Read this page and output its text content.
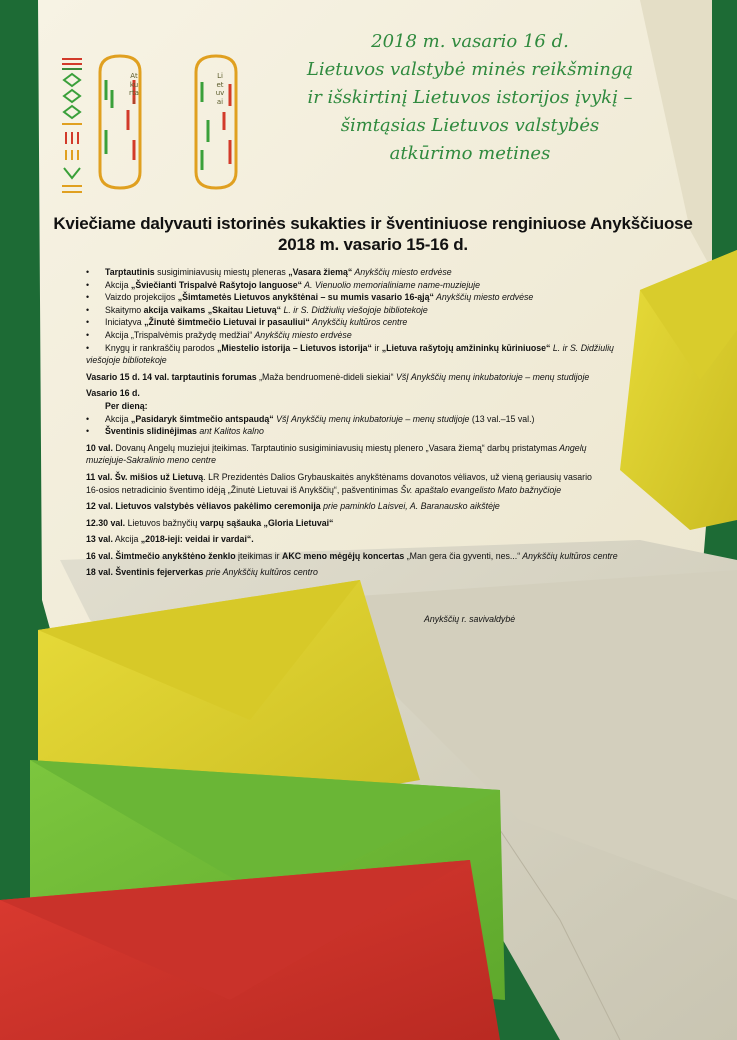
Atkurtai
Lietuvai
2018 m. vasario 16 d.
Lietuvos valstybė minės reikšmingą
ir išskirtinį Lietuvos istorijos įvykį –
šimtąsias Lietuvos valstybės
atkūrimo metines
Kviečiame dalyvauti istorinės sukakties ir šventiniuose renginiuose Anykščiuose
2018 m. vasario 15-16 d.
• Tarptautinis susigiminiavusių miestų pleneras „Vasara žiemą“ Anykščių miesto erdvėse
• Akcija „Šviečianti Trispalvė Rašytojo languose“ A. Vienuolio memorialiniame name-muziejuje
• Vaizdo projekcijos „Šimtametės Lietuvos anykštėnai – su mumis vasario 16-ąją“ Anykščių miesto erdvėse
• Skaitymo akcija vaikams „Skaitau Lietuvą“ L. ir S. Didžiulių viešojoje bibliotekoje
• Iniciatyva „Žinutė šimtmečio Lietuvai ir pasauliui“ Anykščių kultūros centre
• Akcija „Trispalvėmis pražydę medžiai“ Anykščių miesto erdvėse
• Knygų ir rankraščių parodos „Miestelio istorija – Lietuvos istorija“ ir „Lietuva rašytojų amžininkų kūriniuose“ L. ir S. Didžiulių
viešojoje bibliotekoje
Vasario 15 d. 14 val. tarptautinis forumas „Maža bendruomenė-dideli siekiai“ VšĮ Anykščių menų inkubatoriuje – menų studijoje
Vasario 16 d.
Per dieną:
• Akcija „Pasidaryk šimtmečio antspaudą“ VšĮ Anykščių menų inkubatoriuje – menų studijoje (13 val.–15 val.)
• Šventinis slidinėjimas ant Kalitos kalno
10 val. Dovanų Angelų muziejui įteikimas. Tarptautinio susigiminiavusių miestų plenero „Vasara žiemą“ darbų pristatymas Angelų
muziejuje-Sakralinio meno centre
11 val. Šv. mišios už Lietuvą. LR Prezidentės Dalios Grybauskaitės anykštėnams dovanotos vėliavos, už vieną geriausių vasario
16-osios netradicinio šventimo idėją „Žinutė Lietuvai iš Anykščių“, pašventinimas Šv. apaštalo evangelisto Mato bažnyčioje
12 val. Lietuvos valstybės vėliavos pakėlimo ceremonija prie paminklo Laisvei, A. Baranausko aikštėje
12.30 val. Lietuvos bažnyčių varpų sąšauka „Gloria Lietuvai“
13 val. Akcija „2018-ieji: veidai ir vardai“.
16 val. Šimtmečio anykštėno ženklo įteikimas ir AKC meno mėgėjų koncertas „Man gera čia gyventi, nes...“ Anykščių kultūros centre
18 val. Šventinis fejerverkas prie Anykščių kultūros centro
Anykščių r. savivaldybė
